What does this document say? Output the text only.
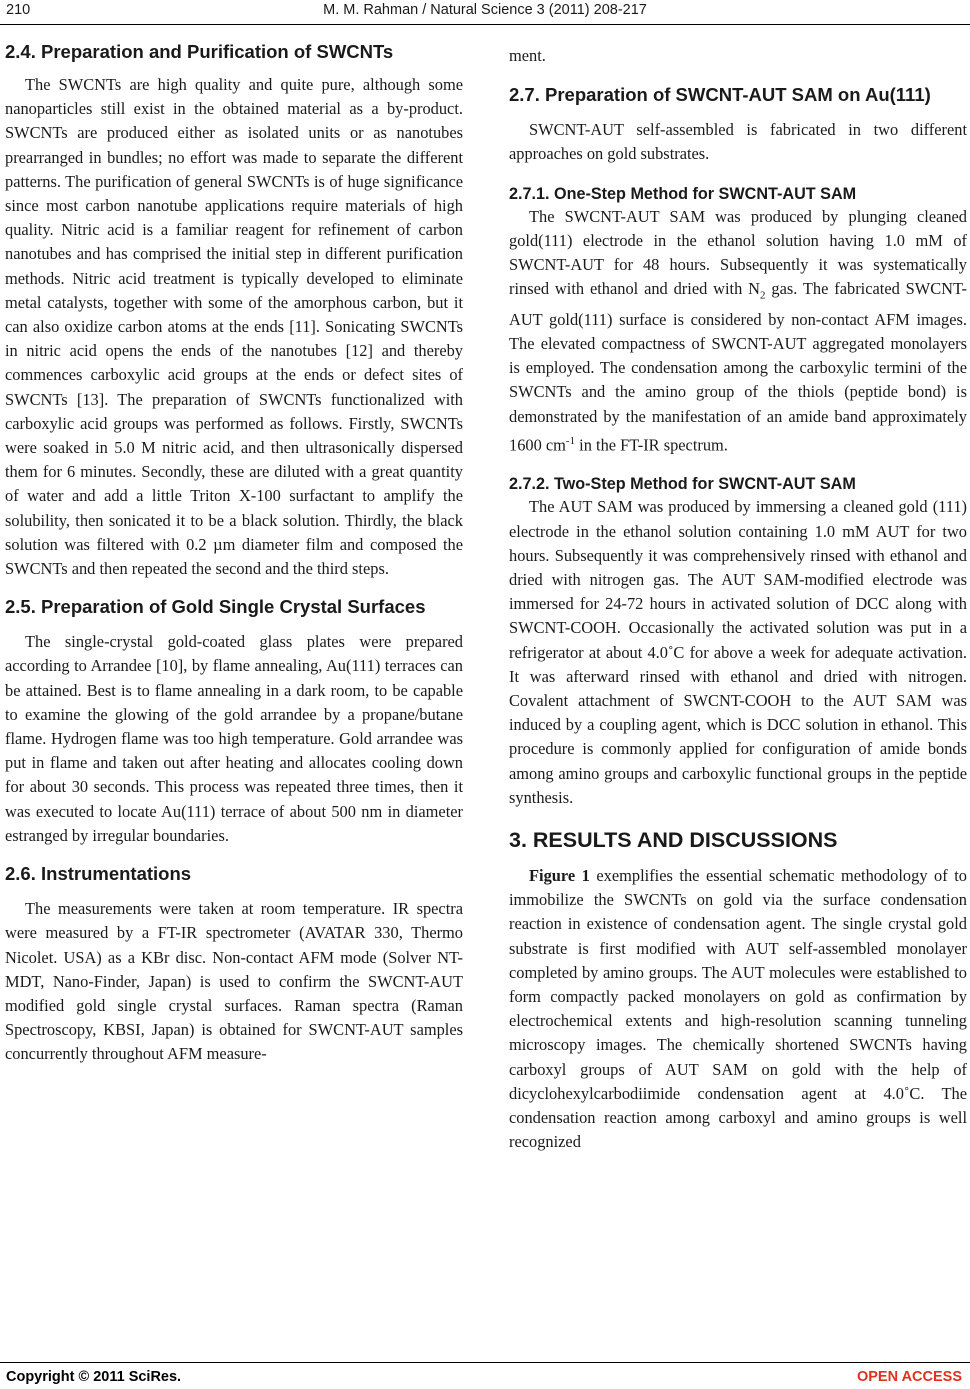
210	M. M. Rahman / Natural Science 3 (2011) 208-217
2.4. Preparation and Purification of SWCNTs

The SWCNTs are high quality and quite pure, although some nanoparticles still exist in the obtained material as a by-product. SWCNTs are produced either as isolated units or as nanotubes prearranged in bundles; no effort was made to separate the different patterns. The purification of general SWCNTs is of huge significance since most carbon nanotube applications require materials of high quality. Nitric acid is a familiar reagent for refinement of carbon nanotubes and has comprised the initial step in different purification methods. Nitric acid treatment is typically developed to eliminate metal catalysts, together with some of the amorphous carbon, but it can also oxidize carbon atoms at the ends [11]. Sonicating SWCNTs in nitric acid opens the ends of the nanotubes [12] and thereby commences carboxylic acid groups at the ends or defect sites of SWCNTs [13]. The preparation of SWCNTs functionalized with carboxylic acid groups was performed as follows. Firstly, SWCNTs were soaked in 5.0 M nitric acid, and then ultrasonically dispersed them for 6 minutes. Secondly, these are diluted with a great quantity of water and add a little Triton X-100 surfactant to amplify the solubility, then sonicated it to be a black solution. Thirdly, the black solution was filtered with 0.2 µm diameter film and composed the SWCNTs and then repeated the second and the third steps.

2.5. Preparation of Gold Single Crystal Surfaces

The single-crystal gold-coated glass plates were prepared according to Arrandee [10], by flame annealing, Au(111) terraces can be attained. Best is to flame annealing in a dark room, to be capable to examine the glowing of the gold arrandee by a propane/butane flame. Hydrogen flame was too high temperature. Gold arrandee was put in flame and taken out after heating and allocates cooling down for about 30 seconds. This process was repeated three times, then it was executed to locate Au(111) terrace of about 500 nm in diameter estranged by irregular boundaries.

2.6. Instrumentations

The measurements were taken at room temperature. IR spectra were measured by a FT-IR spectrometer (AVATAR 330, Thermo Nicolet. USA) as a KBr disc. Non-contact AFM mode (Solver NT-MDT, Nano-Finder, Japan) is used to confirm the SWCNT-AUT modified gold single crystal surfaces. Raman spectra (Raman Spectroscopy, KBSI, Japan) is obtained for SWCNT-AUT samples concurrently throughout AFM measure-

ment.

2.7. Preparation of SWCNT-AUT SAM on Au(111)

SWCNT-AUT self-assembled is fabricated in two different approaches on gold substrates.

2.7.1. One-Step Method for SWCNT-AUT SAM

The SWCNT-AUT SAM was produced by plunging cleaned gold(111) electrode in the ethanol solution having 1.0 mM of SWCNT-AUT for 48 hours. Subsequently it was systematically rinsed with ethanol and dried with $N_2$ gas. The fabricated SWCNT-AUT gold(111) surface is considered by non-contact AFM images. The elevated compactness of SWCNT-AUT aggregated monolayers is employed. The condensation among the carboxylic termini of the SWCNTs and the amino group of the thiols (peptide bond) is demonstrated by the manifestation of an amide band approximately 1600 $cm^{-1}$ in the FT-IR spectrum.

2.7.2. Two-Step Method for SWCNT-AUT SAM

The AUT SAM was produced by immersing a cleaned gold (111) electrode in the ethanol solution containing 1.0 mM AUT for two hours. Subsequently it was comprehensively rinsed with ethanol and dried with nitrogen gas. The AUT SAM-modified electrode was immersed for 24-72 hours in activated solution of DCC along with SWCNT-COOH. Occasionally the activated solution was put in a refrigerator at about 4.0˚C for above a week for adequate activation. It was afterward rinsed with ethanol and dried with nitrogen. Covalent attachment of SWCNT-COOH to the AUT SAM was induced by a coupling agent, which is DCC solution in ethanol. This procedure is commonly applied for configuration of amide bonds among amino groups and carboxylic functional groups in the peptide synthesis.

3. RESULTS AND DISCUSSIONS

Figure 1 exemplifies the essential schematic methodology of to immobilize the SWCNTs on gold via the surface condensation reaction in existence of condensation agent. The single crystal gold substrate is first modified with AUT self-assembled monolayer completed by amino groups. The AUT molecules were established to form compactly packed monolayers on gold as confirmation by electrochemical extents and high-resolution scanning tunneling microscopy images. The chemically shortened SWCNTs having carboxyl groups of AUT SAM on gold with the help of dicyclohexylcarbodiimide condensation agent at 4.0˚C. The condensation reaction among carboxyl and amino groups is well recognized

Copyright © 2011 SciRes.	OPEN ACCESS
